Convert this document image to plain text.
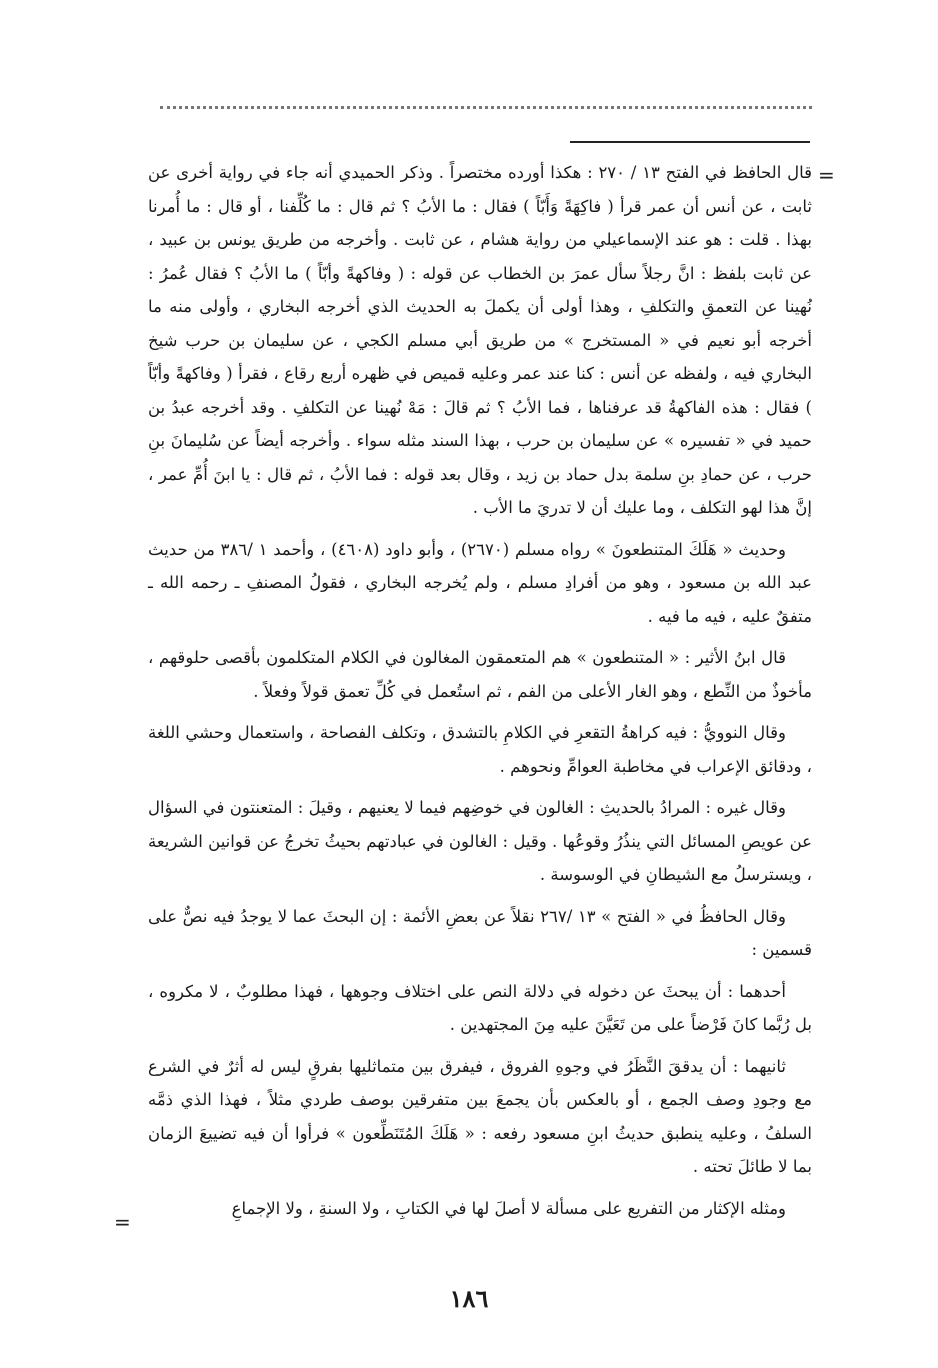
=

قال الحافظ في الفتح ١٣ / ٢٧٠ : هكذا أورده مختصراً . وذكر الحميدي أنه جاء في رواية أخرى عن ثابت ، عن أنس أن عمر قرأ ( فاكِهَةً وَأَبّاً ) فقال : ما الأبُ ؟ ثم قال : ما كُلِّفنا ، أو قال : ما أُمرنا بهذا . قلت : هو عند الإسماعيلي من رواية هشام ، عن ثابت . وأخرجه من طريق يونس بن عبيد ، عن ثابت بلفظ : انَّ رجلاً سأل عمرَ بن الخطاب عن قوله : ( وفاكهةً وأبّاً ) ما الأبُ ؟ فقال عُمرُ : نُهينا عن التعمقِ والتكلفِ ، وهذا أولى أن يكملَ به الحديث الذي أخرجه البخاري ، وأولى منه ما أخرجه أبو نعيم في « المستخرج » من طريق أبي مسلم الكجي ، عن سليمان بن حرب شيخ البخاري فيه ، ولفظه عن أنس : كنا عند عمر وعليه قميص في ظهره أربع رقاع ، فقرأ ( وفاكهةً وأبّاً ) فقال : هذه الفاكهةُ قد عرفناها ، فما الأبُ ؟ ثم قالَ : مَهْ نُهينا عن التكلفِ . وقد أخرجه عبدُ بن حميد في « تفسيره » عن سليمان بن حرب ، بهذا السند مثله سواء . وأخرجه أيضاً عن سُليمانَ بنِ حرب ، عن حمادِ بنِ سلمة بدل حماد بن زيد ، وقال بعد قوله : فما الأبُ ، ثم قال : يا ابنَ أُمِّ عمر ، إنَّ هذا لهو التكلف ، وما عليك أن لا تدريَ ما الأب .

وحديث « هَلَكَ المتنطعونَ » رواه مسلم (٢٦٧٠) ، وأبو داود (٤٦٠٨) ، وأحمد ١ /٣٨٦ من حديث عبد الله بن مسعود ، وهو من أفرادِ مسلم ، ولم يُخرجه البخاري ، فقولُ المصنفِ ـ رحمه الله ـ متفقٌ عليه ، فيه ما فيه .

قال ابنُ الأثير : « المتنطعون » هم المتعمقون المغالون في الكلام المتكلمون بأقصى حلوقهم ، مأخوذٌ من النِّطع ، وهو الغار الأعلى من الفم ، ثم استُعمل في كُلِّ تعمق قولاً وفعلاً .

وقال النوويُّ : فيه كراهةُ التقعرِ في الكلامِ بالتشدق ، وتكلف الفصاحة ، واستعمال وحشي اللغة ، ودقائق الإعراب في مخاطبة العوامِّ ونحوهم .

وقال غيره : المرادُ بالحديثِ : الغالون في خوضِهم فيما لا يعنيهم ، وقيلَ : المتعنتون في السؤال عن عويصِ المسائل التي ينذُرُ وقوعُها . وقيل : الغالون في عبادتهم بحيثُ تخرجُ عن قوانين الشريعة ، ويسترسلُ مع الشيطانِ في الوسوسة .

وقال الحافظُ في « الفتح » ١٣ /٢٦٧ نقلاً عن بعضِ الأئمة : إن البحثَ عما لا يوجدُ فيه نصٌّ على قسمين :

أحدهما : أن يبحثَ عن دخوله في دلالة النص على اختلاف وجوهها ، فهذا مطلوبٌ ، لا مكروه ، بل رُبَّما كانَ فَرْضاً على من تَعَيَّنَ عليه مِنَ المجتهدين .

ثانيهما : أن يدققَ النَّظَرُ في وجوهِ الفروق ، فيفرق بين متماثليها بفرقٍ ليس له أثرٌ في الشرع مع وجودِ وصف الجمع ، أو بالعكس بأن يجمعَ بين متفرقين بوصف طردي مثلاً ، فهذا الذي ذمَّه السلفُ ، وعليه ينطبق حديثُ ابنِ مسعود رفعه : « هَلَكَ المُتَنَطِّعون » فرأوا أن فيه تضييعَ الزمان بما لا طائلَ تحته .

ومثله الإكثار من التفريع على مسألة لا أصلَ لها في الكتابِ ، ولا السنةِ ، ولا الإجماعِ

=
١٨٦
